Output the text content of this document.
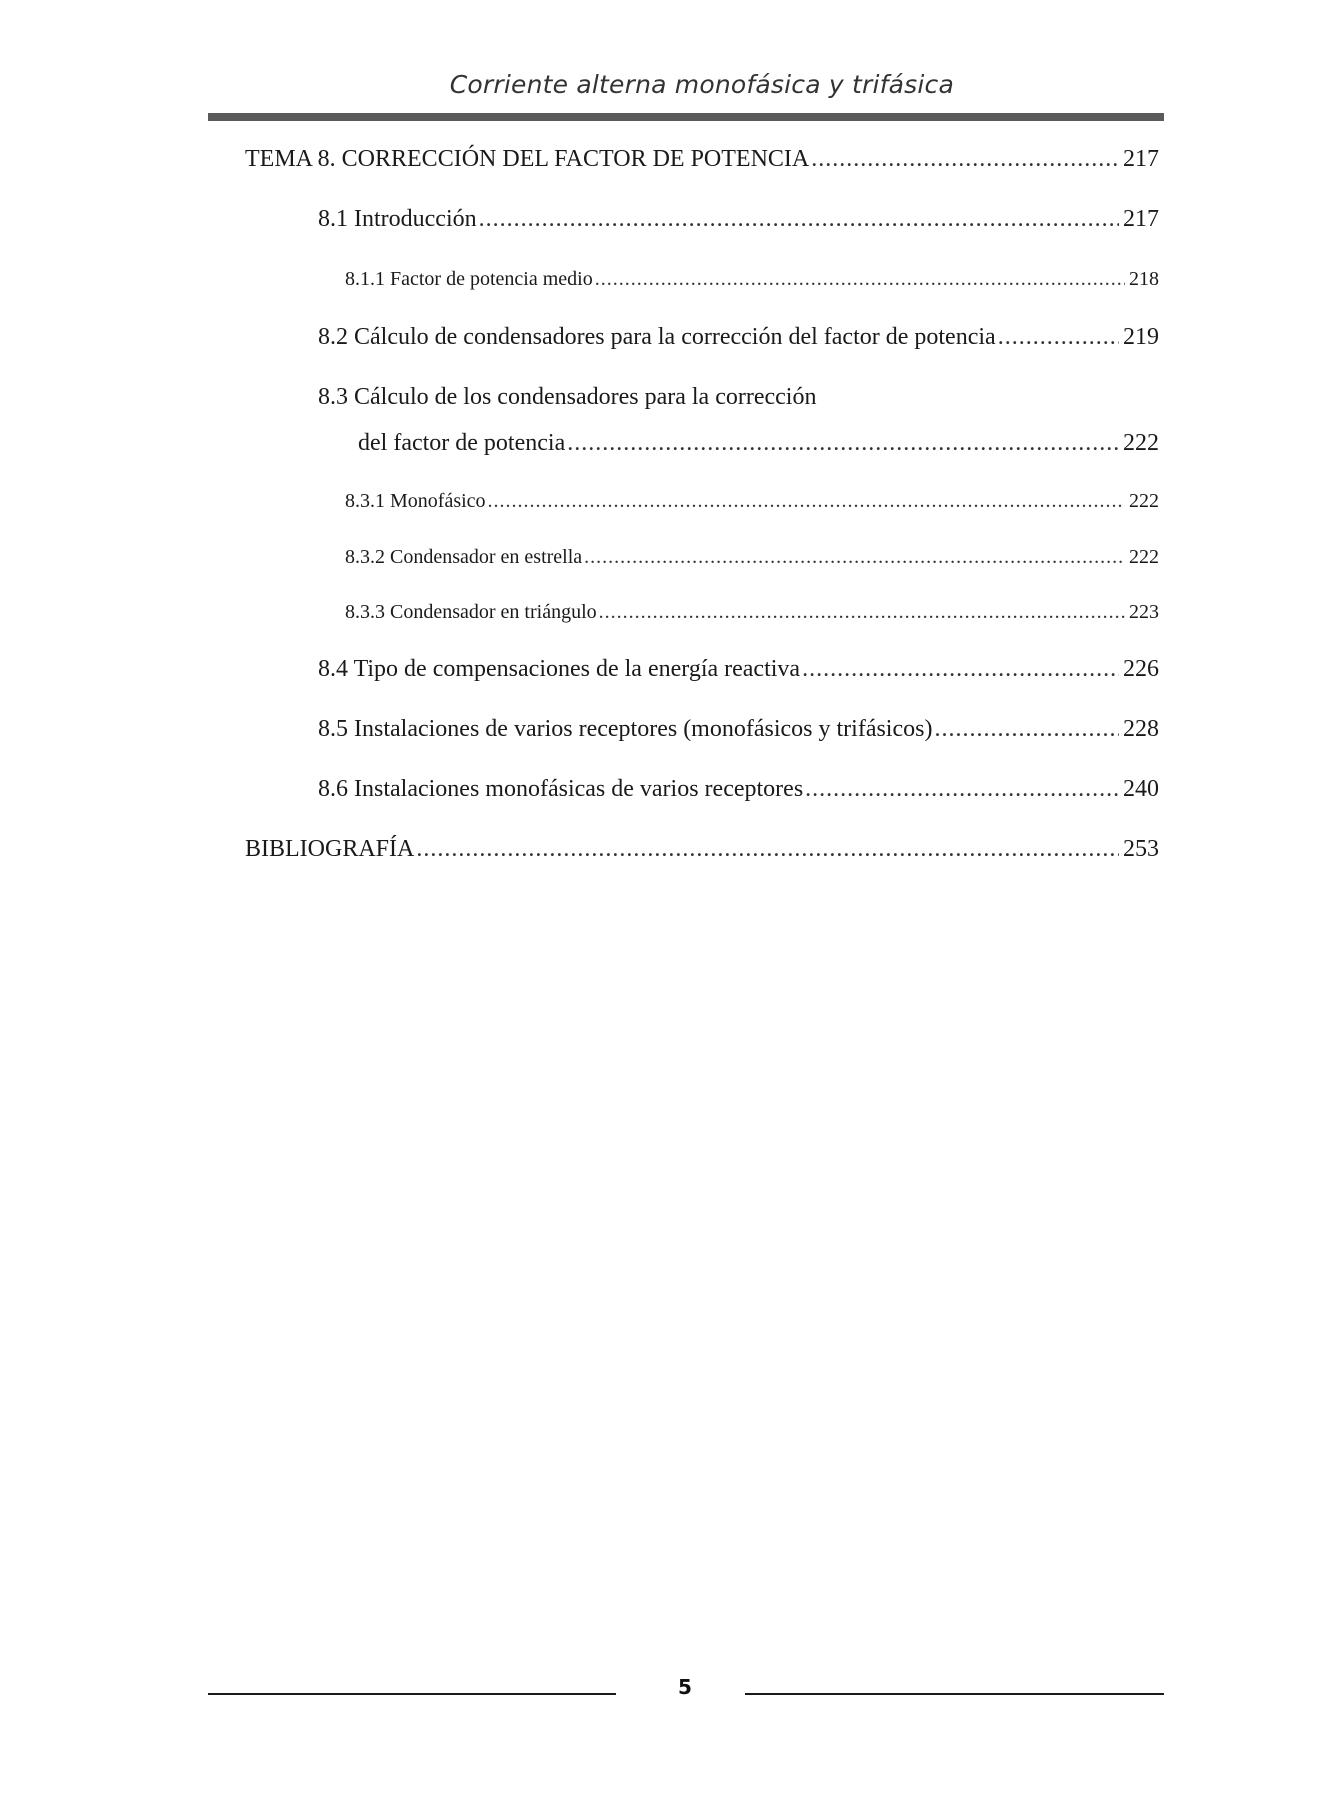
Corriente alterna monofásica y trifásica
TEMA 8. CORRECCIÓN DEL FACTOR DE POTENCIA .....	217
8.1 Introducción .....	217
8.1.1 Factor de potencia medio .....	218
8.2 Cálculo de condensadores para la corrección del factor de potencia .....	219
8.3 Cálculo de los condensadores para la corrección
del factor de potencia .....	222
8.3.1 Monofásico .....	222
8.3.2 Condensador en estrella .....	222
8.3.3 Condensador en triángulo .....	223
8.4 Tipo de compensaciones de la energía reactiva .....	226
8.5 Instalaciones de varios receptores (monofásicos y trifásicos) .....	228
8.6 Instalaciones monofásicas de varios receptores .....	240
BIBLIOGRAFÍA .....	253
5
